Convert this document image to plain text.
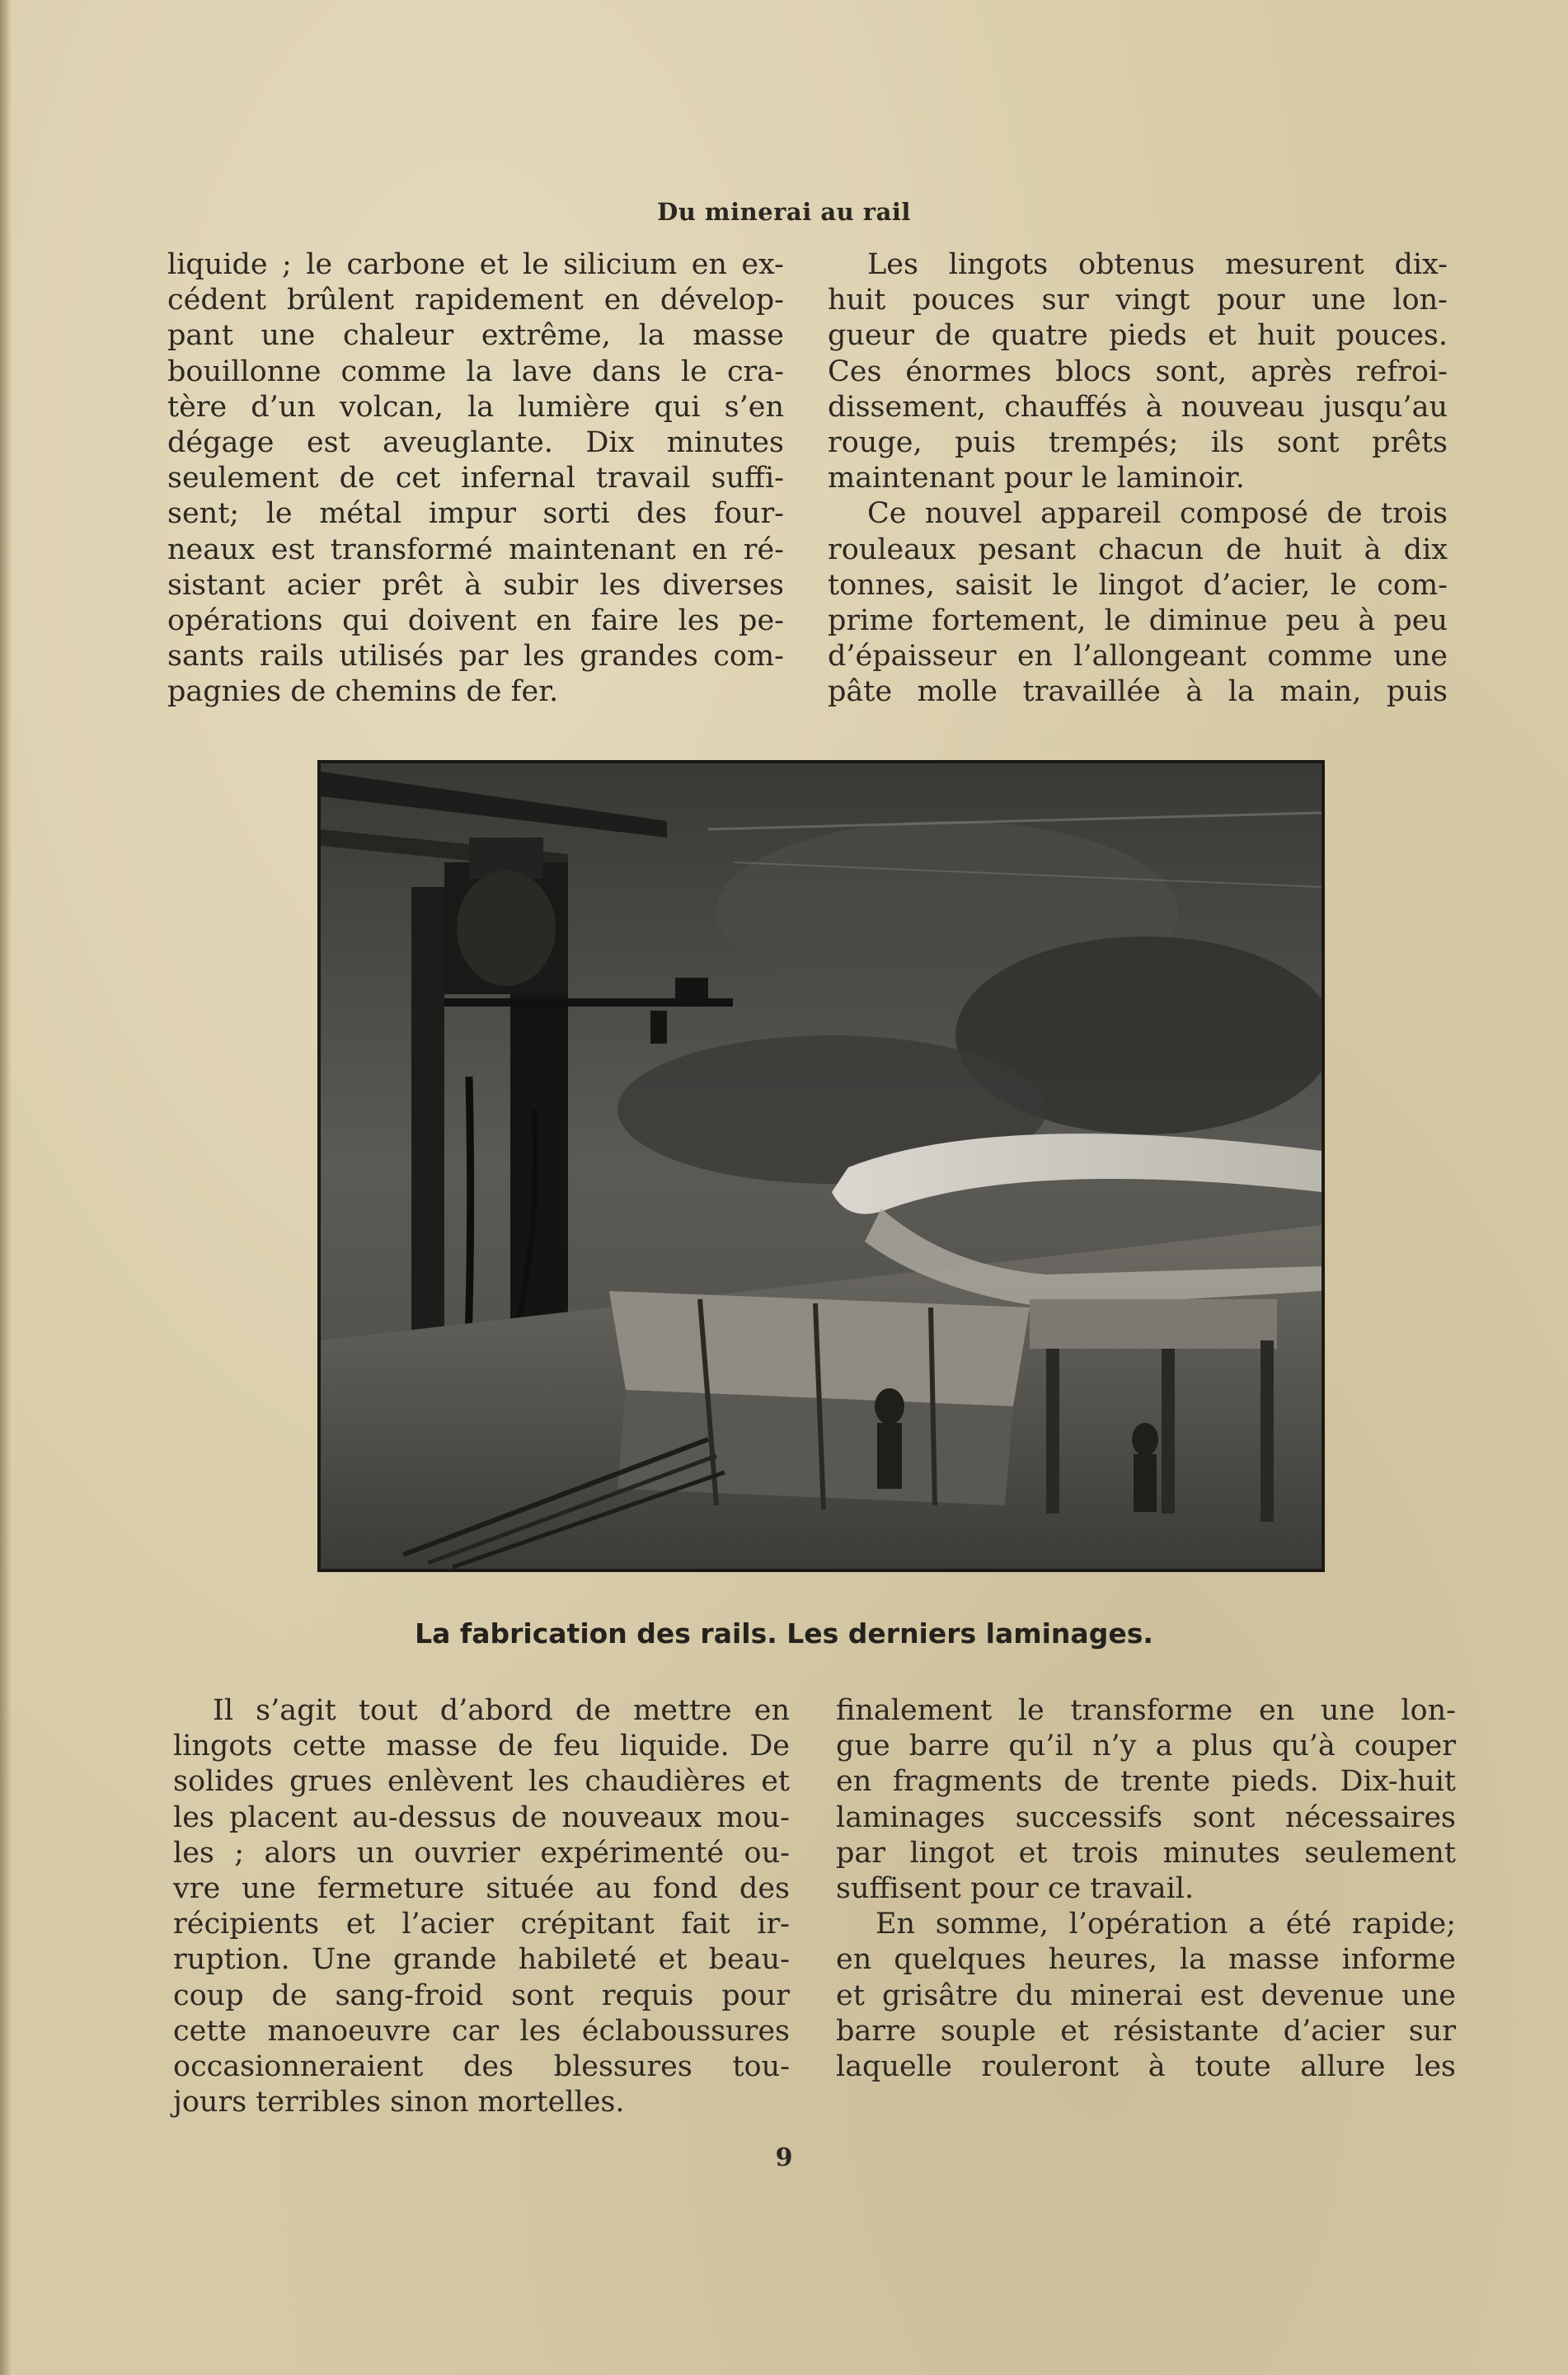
Du minerai au rail
liquide ; le carbone et le silicium en ex-
cédent brûlent rapidement en dévelop-
pant une chaleur extrême, la masse
bouillonne comme la lave dans le cra-
tère d’un volcan, la lumière qui s’en
dégage est aveuglante. Dix minutes
seulement de cet infernal travail suffi-
sent; le métal impur sorti des four-
neaux est transformé maintenant en ré-
sistant acier prêt à subir les diverses
opérations qui doivent en faire les pe-
sants rails utilisés par les grandes com-
pagnies de chemins de fer.
Les lingots obtenus mesurent dix-
huit pouces sur vingt pour une lon-
gueur de quatre pieds et huit pouces.
Ces énormes blocs sont, après refroi-
dissement, chauffés à nouveau jusqu’au
rouge, puis trempés; ils sont prêts
maintenant pour le laminoir.
Ce nouvel appareil composé de trois
rouleaux pesant chacun de huit à dix
tonnes, saisit le lingot d’acier, le com-
prime fortement, le diminue peu à peu
d’épaisseur en l’allongeant comme une
pâte molle travaillée à la main, puis
La fabrication des rails. Les derniers laminages.
Il s’agit tout d’abord de mettre en
lingots cette masse de feu liquide. De
solides grues enlèvent les chaudières et
les placent au-dessus de nouveaux mou-
les ; alors un ouvrier expérimenté ou-
vre une fermeture située au fond des
récipients et l’acier crépitant fait ir-
ruption. Une grande habileté et beau-
coup de sang-froid sont requis pour
cette manoeuvre car les éclaboussures
occasionneraient des blessures tou-
jours terribles sinon mortelles.
finalement le transforme en une lon-
gue barre qu’il n’y a plus qu’à couper
en fragments de trente pieds. Dix-huit
laminages successifs sont nécessaires
par lingot et trois minutes seulement
suffisent pour ce travail.
En somme, l’opération a été rapide;
en quelques heures, la masse informe
et grisâtre du minerai est devenue une
barre souple et résistante d’acier sur
laquelle rouleront à toute allure les
9
